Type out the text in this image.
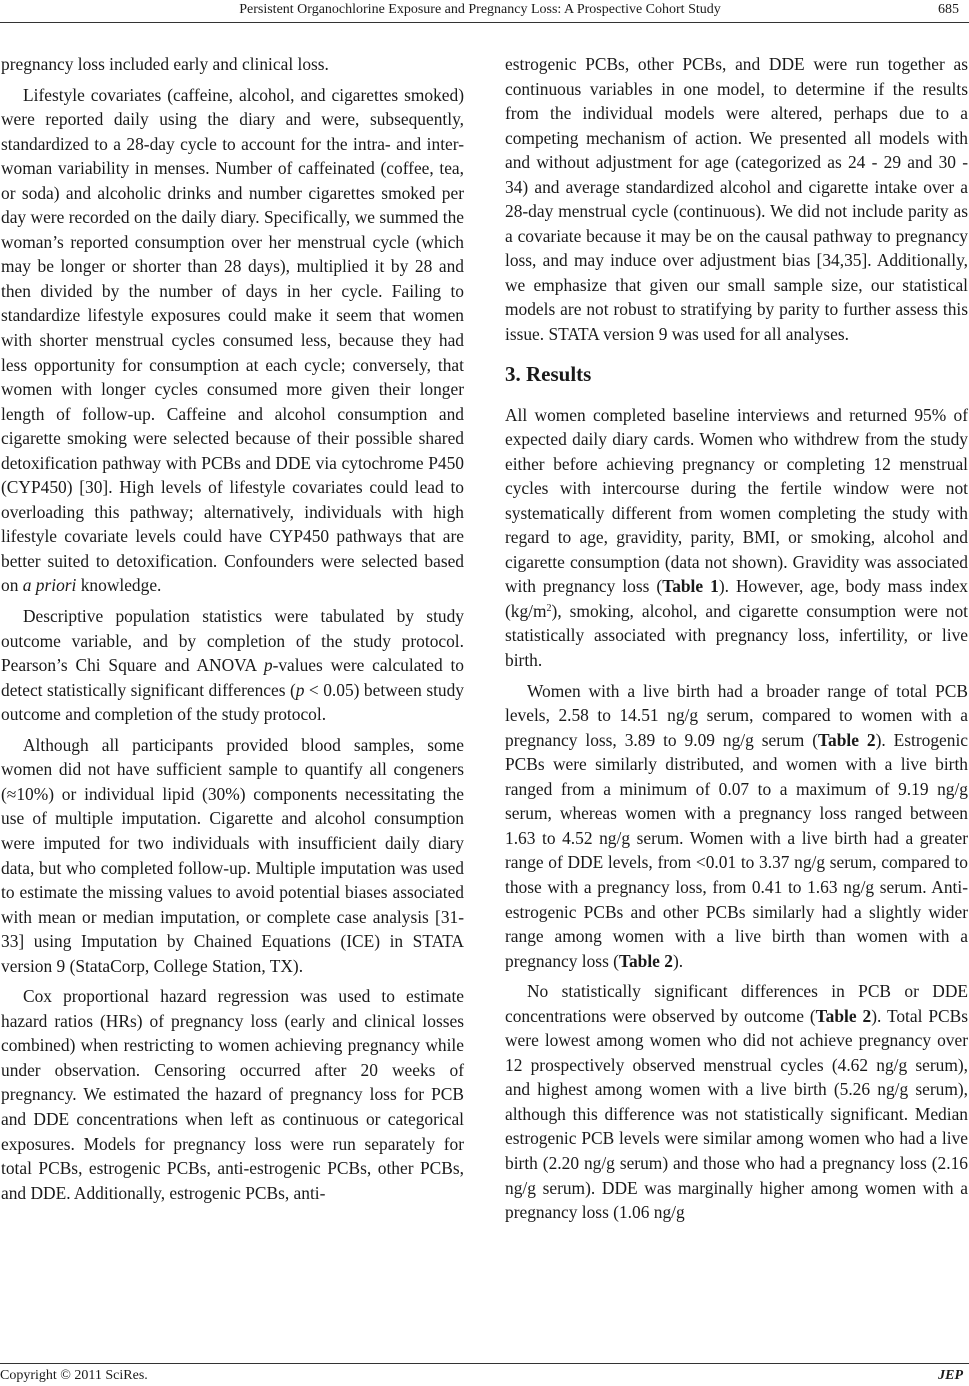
Persistent Organochlorine Exposure and Pregnancy Loss: A Prospective Cohort Study	685

pregnancy loss included early and clinical loss.

Lifestyle covariates (caffeine, alcohol, and cigarettes smoked) were reported daily using the diary and were, subsequently, standardized to a 28-day cycle to account for the intra- and inter-woman variability in menses. Number of caffeinated (coffee, tea, or soda) and alcoholic drinks and number cigarettes smoked per day were recorded on the daily diary. Specifically, we summed the woman’s reported consumption over her menstrual cycle (which may be longer or shorter than 28 days), multiplied it by 28 and then divided by the number of days in her cycle. Failing to standardize lifestyle exposures could make it seem that women with shorter menstrual cycles consumed less, because they had less opportunity for consumption at each cycle; conversely, that women with longer cycles consumed more given their longer length of follow-up. Caffeine and alcohol consumption and cigarette smoking were selected because of their possible shared detoxification pathway with PCBs and DDE via cytochrome P450 (CYP450) [30]. High levels of lifestyle covariates could lead to overloading this pathway; alternatively, individuals with high lifestyle covariate levels could have CYP450 pathways that are better suited to detoxification. Confounders were selected based on a priori knowledge.

Descriptive population statistics were tabulated by study outcome variable, and by completion of the study protocol. Pearson’s Chi Square and ANOVA p-values were calculated to detect statistically significant differences (p < 0.05) between study outcome and completion of the study protocol.

Although all participants provided blood samples, some women did not have sufficient sample to quantify all congeners (≈10%) or individual lipid (30%) components necessitating the use of multiple imputation. Cigarette and alcohol consumption were imputed for two individuals with insufficient daily diary data, but who completed follow-up. Multiple imputation was used to estimate the missing values to avoid potential biases associated with mean or median imputation, or complete case analysis [31-33] using Imputation by Chained Equations (ICE) in STATA version 9 (StataCorp, College Station, TX).

Cox proportional hazard regression was used to estimate hazard ratios (HRs) of pregnancy loss (early and clinical losses combined) when restricting to women achieving pregnancy while under observation. Censoring occurred after 20 weeks of pregnancy. We estimated the hazard of pregnancy loss for PCB and DDE concentrations when left as continuous or categorical exposures. Models for pregnancy loss were run separately for total PCBs, estrogenic PCBs, anti-estrogenic PCBs, other PCBs, and DDE. Additionally, estrogenic PCBs, anti-

estrogenic PCBs, other PCBs, and DDE were run together as continuous variables in one model, to determine if the results from the individual models were altered, perhaps due to a competing mechanism of action. We presented all models with and without adjustment for age (categorized as 24 - 29 and 30 - 34) and average standardized alcohol and cigarette intake over a 28-day menstrual cycle (continuous). We did not include parity as a covariate because it may be on the causal pathway to pregnancy loss, and may induce over adjustment bias [34,35]. Additionally, we emphasize that given our small sample size, our statistical models are not robust to stratifying by parity to further assess this issue. STATA version 9 was used for all analyses.

3. Results

All women completed baseline interviews and returned 95% of expected daily diary cards. Women who withdrew from the study either before achieving pregnancy or completing 12 menstrual cycles with intercourse during the fertile window were not systematically different from women completing the study with regard to age, gravidity, parity, BMI, or smoking, alcohol and cigarette consumption (data not shown). Gravidity was associated with pregnancy loss (Table 1). However, age, body mass index $(kg/m^2)$, smoking, alcohol, and cigarette consumption were not statistically associated with pregnancy loss, infertility, or live birth.

Women with a live birth had a broader range of total PCB levels, 2.58 to 14.51 ng/g serum, compared to women with a pregnancy loss, 3.89 to 9.09 ng/g serum (Table 2). Estrogenic PCBs were similarly distributed, and women with a live birth ranged from a minimum of 0.07 to a maximum of 9.19 ng/g serum, whereas women with a pregnancy loss ranged between 1.63 to 4.52 ng/g serum. Women with a live birth had a greater range of DDE levels, from <0.01 to 3.37 ng/g serum, compared to those with a pregnancy loss, from 0.41 to 1.63 ng/g serum. Anti-estrogenic PCBs and other PCBs similarly had a slightly wider range among women with a live birth than women with a pregnancy loss (Table 2).

No statistically significant differences in PCB or DDE concentrations were observed by outcome (Table 2). Total PCBs were lowest among women who did not achieve pregnancy over 12 prospectively observed menstrual cycles (4.62 ng/g serum), and highest among women with a live birth (5.26 ng/g serum), although this difference was not statistically significant. Median estrogenic PCB levels were similar among women who had a live birth (2.20 ng/g serum) and those who had a pregnancy loss (2.16 ng/g serum). DDE was marginally higher among women with a pregnancy loss (1.06 ng/g

Copyright © 2011 SciRes.	JEP
